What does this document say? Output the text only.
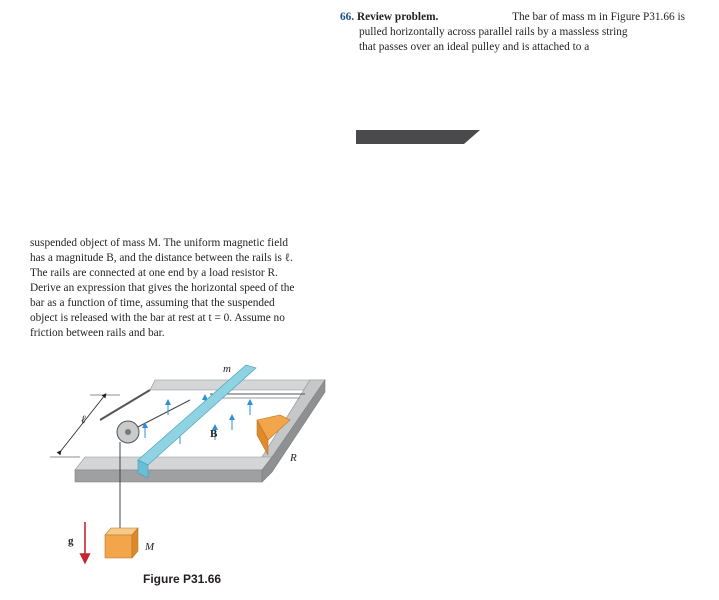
66. Review problem.	The bar of mass m in Figure P31.66 is
pulled horizontally across parallel rails by a massless string
that passes over an ideal pulley and is attached to a
suspended object of mass M. The uniform magnetic field
has a magnitude B, and the distance between the rails is ℓ.
The rails are connected at one end by a load resistor R.
Derive an expression that gives the horizontal speed of the
bar as a function of time, assuming that the suspended
object is released with the bar at rest at t = 0. Assume no
friction between rails and bar.
m
ℓ
B
R
M
g
Figure P31.66
